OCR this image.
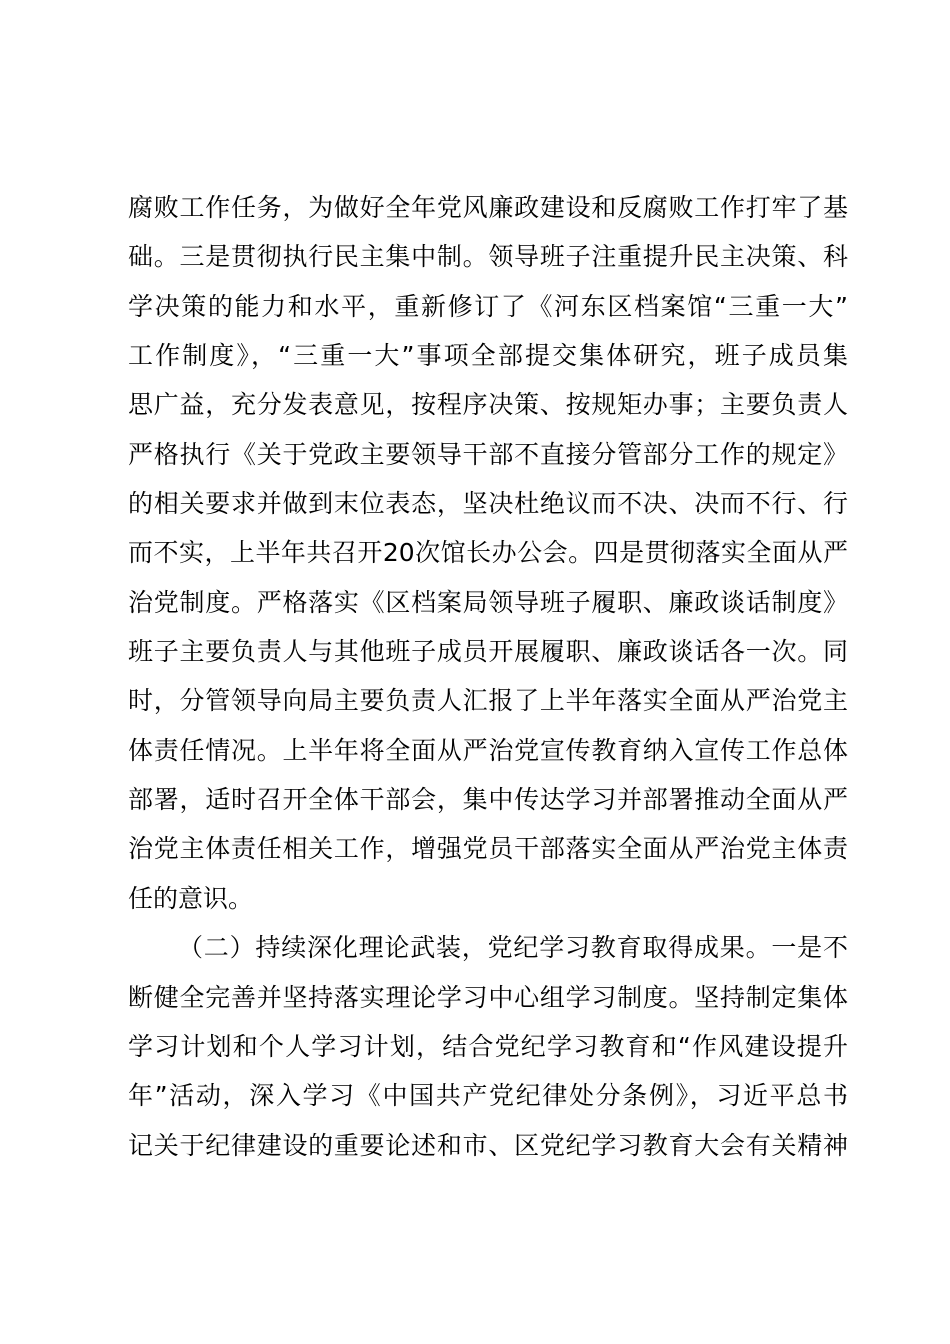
腐败工作任务，为做好全年党风廉政建设和反腐败工作打牢了基
础。三是贯彻执行民主集中制。领导班子注重提升民主决策、科
学决策的能力和水平，重新修订了《河东区档案馆“三重一大”
工作制度》，“三重一大”事项全部提交集体研究，班子成员集
思广益，充分发表意见，按程序决策、按规矩办事；主要负责人
严格执行《关于党政主要领导干部不直接分管部分工作的规定》
的相关要求并做到末位表态，坚决杜绝议而不决、决而不行、行
而不实，上半年共召开20次馆长办公会。四是贯彻落实全面从严
治党制度。严格落实《区档案局领导班子履职、廉政谈话制度》
班子主要负责人与其他班子成员开展履职、廉政谈话各一次。同
时，分管领导向局主要负责人汇报了上半年落实全面从严治党主
体责任情况。上半年将全面从严治党宣传教育纳入宣传工作总体
部署，适时召开全体干部会，集中传达学习并部署推动全面从严
治党主体责任相关工作，增强党员干部落实全面从严治党主体责
任的意识。
（二）持续深化理论武装，党纪学习教育取得成果。一是不
断健全完善并坚持落实理论学习中心组学习制度。坚持制定集体
学习计划和个人学习计划，结合党纪学习教育和“作风建设提升
年”活动，深入学习《中国共产党纪律处分条例》，习近平总书
记关于纪律建设的重要论述和市、区党纪学习教育大会有关精神
